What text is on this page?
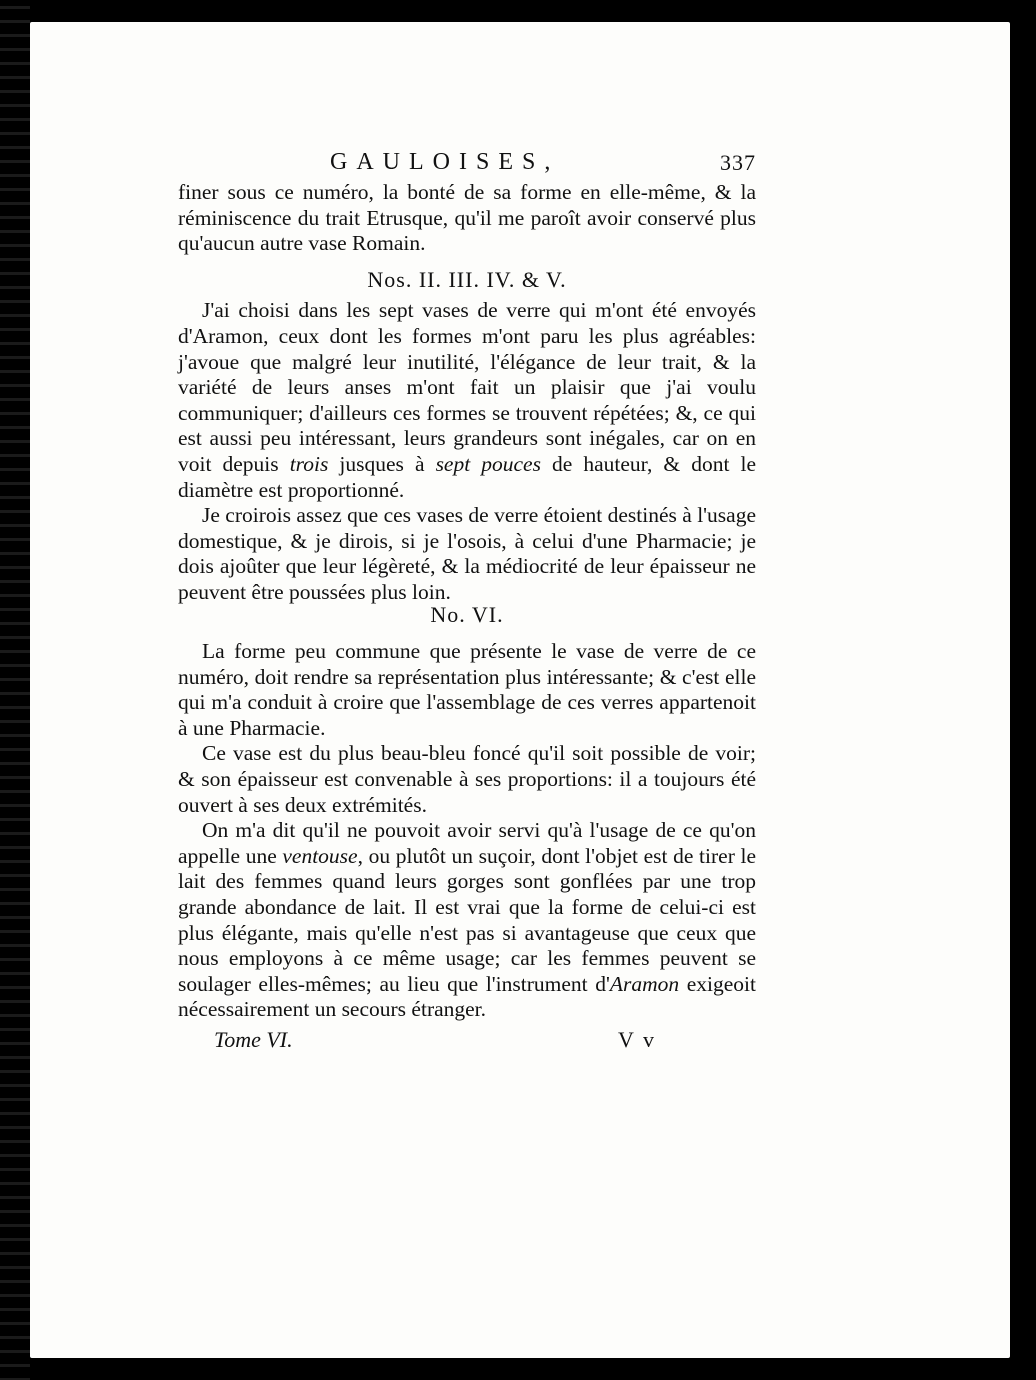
GAULOISES,	337

finer sous ce numéro, la bonté de sa forme en elle-même, & la réminiscence du trait Etrusque, qu'il me paroît avoir conservé plus qu'aucun autre vase Romain.

Nos. II. III. IV. & V.

J'ai choisi dans les sept vases de verre qui m'ont été envoyés d'Aramon, ceux dont les formes m'ont paru les plus agréables: j'avoue que malgré leur inutilité, l'élégance de leur trait, & la variété de leurs anses m'ont fait un plaisir que j'ai voulu communiquer; d'ailleurs ces formes se trouvent répétées; &, ce qui est aussi peu intéressant, leurs grandeurs sont inégales, car on en voit depuis trois jusques à sept pouces de hauteur, & dont le diamètre est proportionné.

Je croirois assez que ces vases de verre étoient destinés à l'usage domestique, & je dirois, si je l'osois, à celui d'une Pharmacie; je dois ajoûter que leur légèreté, & la médiocrité de leur épaisseur ne peuvent être poussées plus loin.

No. VI.

La forme peu commune que présente le vase de verre de ce numéro, doit rendre sa représentation plus intéressante; & c'est elle qui m'a conduit à croire que l'assemblage de ces verres appartenoit à une Pharmacie.

Ce vase est du plus beau-bleu foncé qu'il soit possible de voir; & son épaisseur est convenable à ses proportions: il a toujours été ouvert à ses deux extrémités.

On m'a dit qu'il ne pouvoit avoir servi qu'à l'usage de ce qu'on appelle une ventouse, ou plutôt un suçoir, dont l'objet est de tirer le lait des femmes quand leurs gorges sont gonflées par une trop grande abondance de lait. Il est vrai que la forme de celui-ci est plus élégante, mais qu'elle n'est pas si avantageuse que ceux que nous employons à ce même usage; car les femmes peuvent se soulager elles-mêmes; au lieu que l'instrument d'Aramon exigeoit nécessairement un secours étranger.

Tome VI.	V v
